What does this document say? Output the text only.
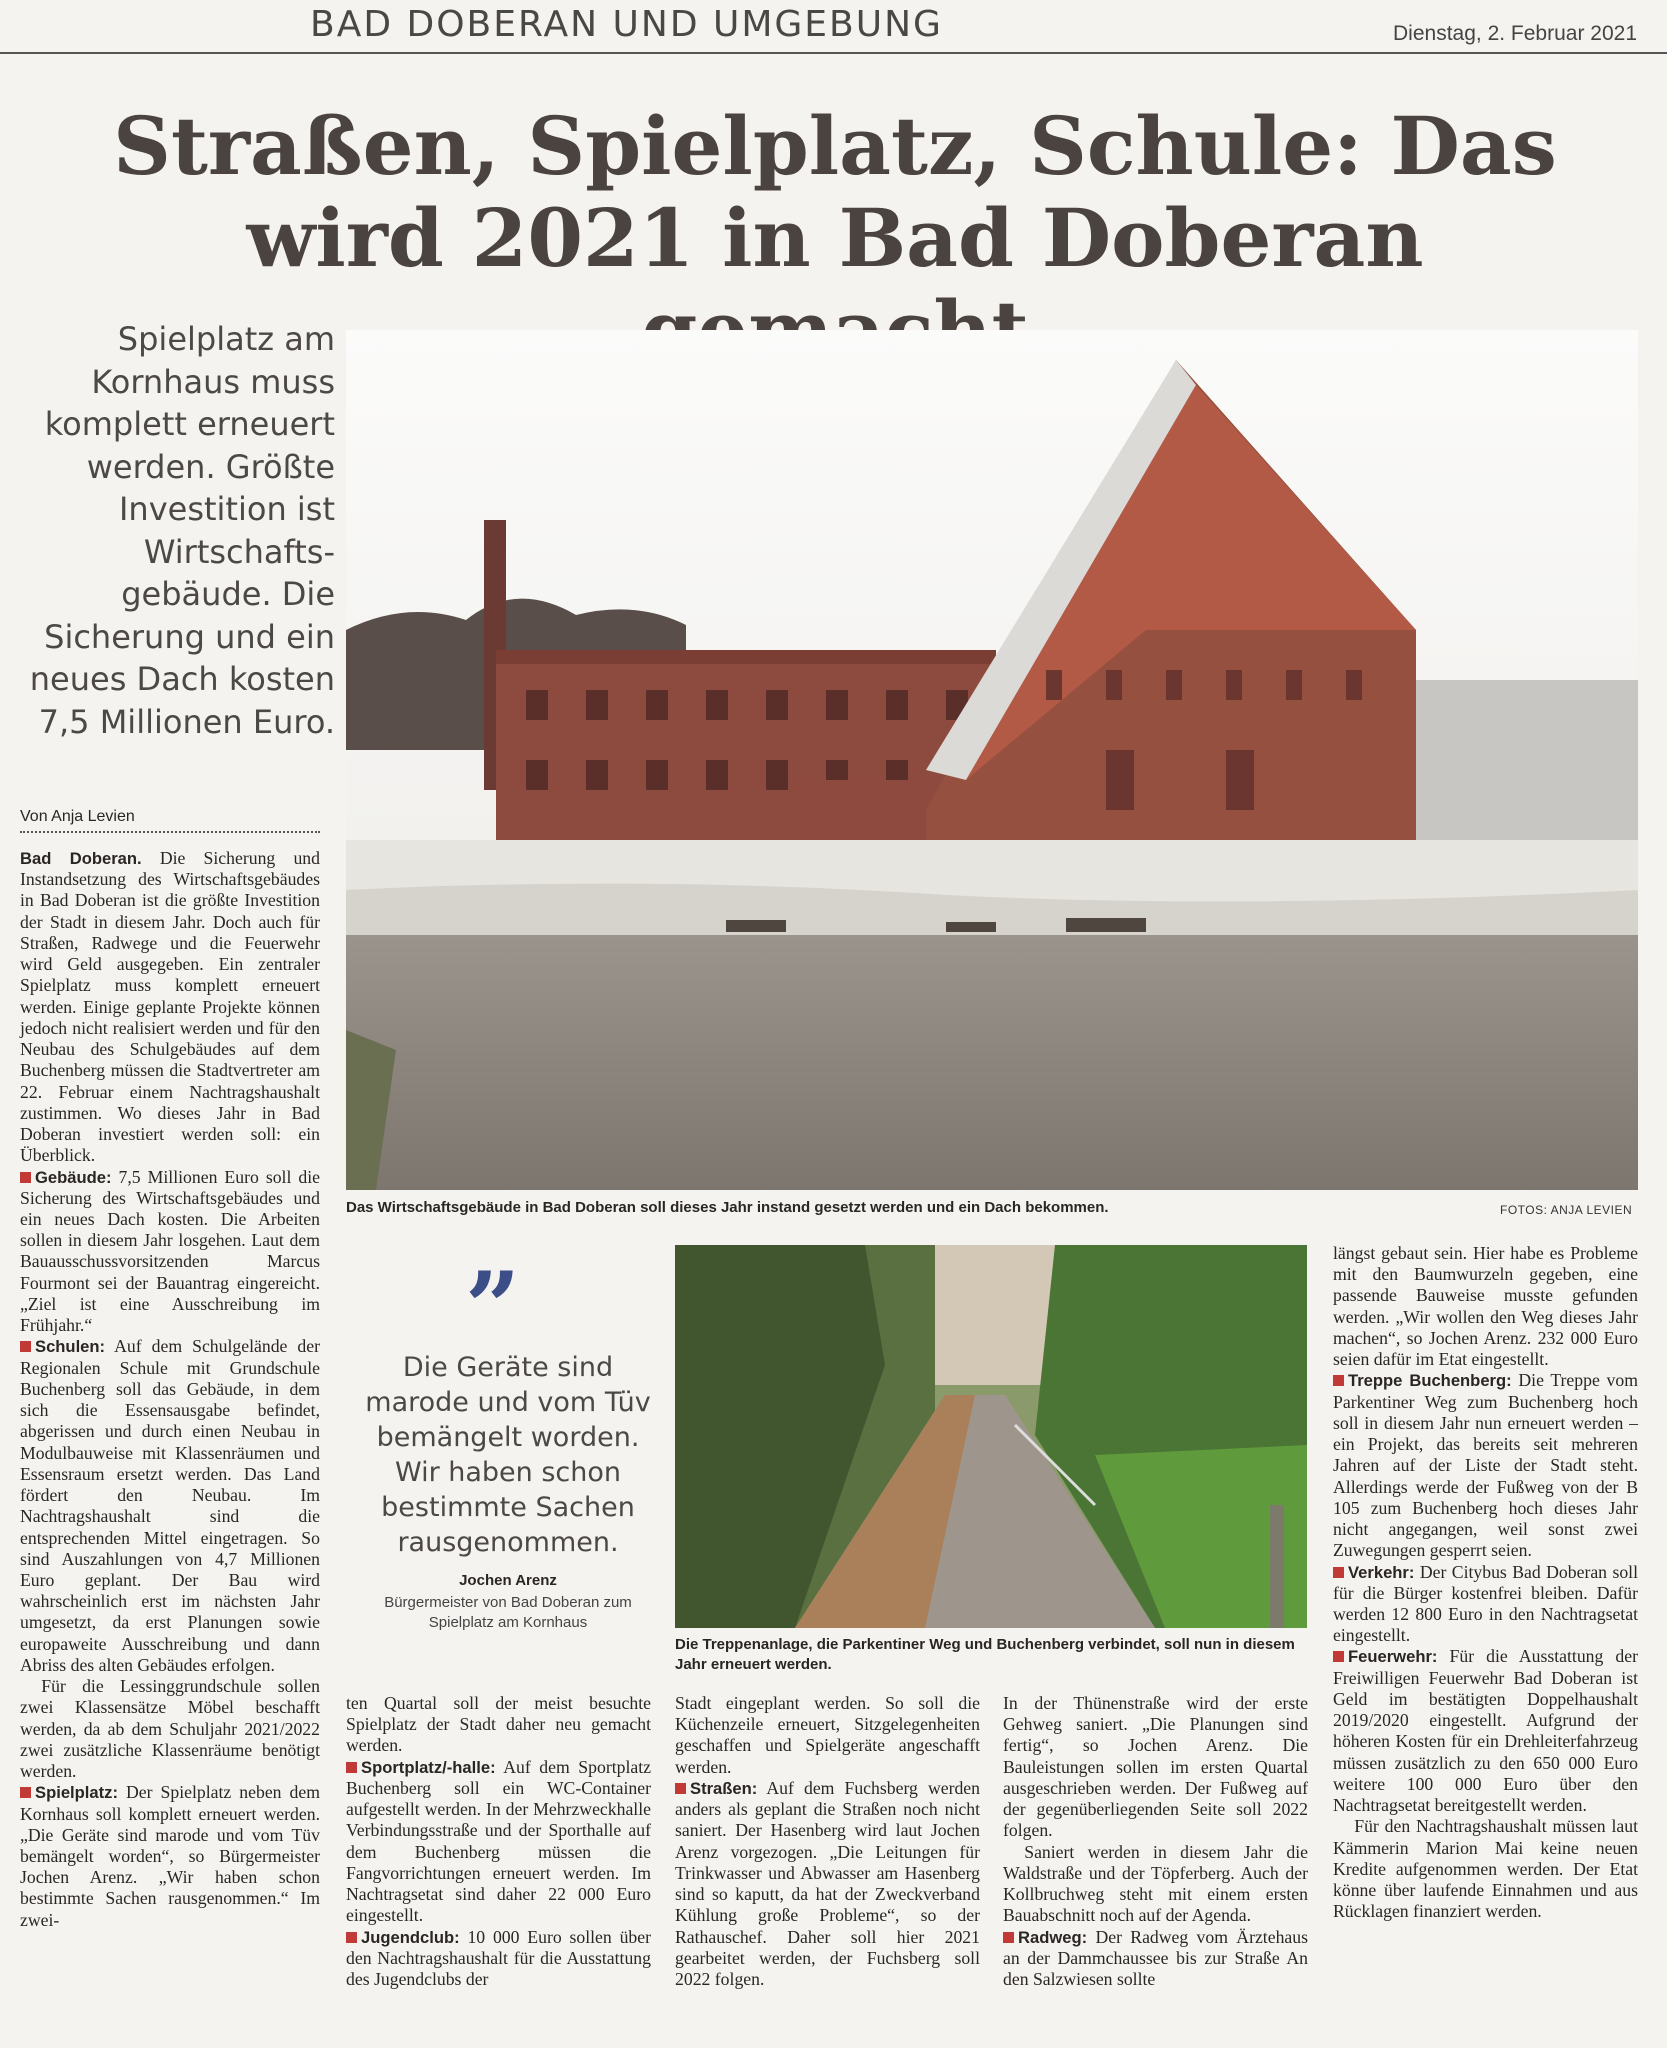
BAD DOBERAN UND UMGEBUNG	Dienstag, 2. Februar 2021
Straßen, Spielplatz, Schule: Das wird 2021 in Bad Doberan
Spielplatz am Kornhaus muss komplett erneuert werden. Größte Investition ist Wirtschafts-gebäude. Die Sicherung und ein neues Dach kosten 7,5 Millionen Euro.
Von Anja Levien
Das Wirtschaftsgebäude in Bad Doberan soll dieses Jahr instand gesetzt werden und ein Dach bekommen.	FOTOS: ANJA LEVIEN
Die Treppenanlage, die Parkentiner Weg und Buchenberg verbindet, soll nun in diesem Jahr erneuert werden.
”
Die Geräte sind marode und vom Tüv bemängelt worden. Wir haben schon bestimmte Sachen rausgenommen.
Jochen Arenz
Bürgermeister von Bad Doberan zum Spielplatz am Kornhaus

Bad Doberan. Die Sicherung und Instandsetzung des Wirtschaftsgebäudes in Bad Doberan ist die größte Investition der Stadt in diesem Jahr. Doch auch für Straßen, Radwege und die Feuerwehr wird Geld ausgegeben. Ein zentraler Spielplatz muss komplett erneuert werden. Einige geplante Projekte können jedoch nicht realisiert werden und für den Neubau des Schulgebäudes auf dem Buchenberg müssen die Stadtvertreter am 22. Februar einem Nachtragshaushalt zustimmen. Wo dieses Jahr in Bad Doberan investiert werden soll: ein Überblick.

Gebäude: 7,5 Millionen Euro soll die Sicherung des Wirtschaftsgebäudes und ein neues Dach kosten. Die Arbeiten sollen in diesem Jahr losgehen. Laut dem Bauausschussvorsitzenden Marcus Fourmont sei der Bauantrag eingereicht. „Ziel ist eine Ausschreibung im Frühjahr.“

Schulen: Auf dem Schulgelände der Regionalen Schule mit Grundschule Buchenberg soll das Gebäude, in dem sich die Essensausgabe befindet, abgerissen und durch einen Neubau in Modulbauweise mit Klassenräumen und Essensraum ersetzt werden. Das Land fördert den Neubau. Im Nachtragshaushalt sind die entsprechenden Mittel eingetragen. So sind Auszahlungen von 4,7 Millionen Euro geplant. Der Bau wird wahrscheinlich erst im nächsten Jahr umgesetzt, da erst Planungen sowie europaweite Ausschreibung und dann Abriss des alten Gebäudes erfolgen.

Für die Lessinggrundschule sollen zwei Klassensätze Möbel beschafft werden, da ab dem Schuljahr 2021/2022 zwei zusätzliche Klassenräume benötigt werden.

Spielplatz: Der Spielplatz neben dem Kornhaus soll komplett erneuert werden. „Die Geräte sind marode und vom Tüv bemängelt worden“, so Bürgermeister Jochen Arenz. „Wir haben schon bestimmte Sachen rausgenommen.“ Im zwei-

ten Quartal soll der meist besuchte Spielplatz der Stadt daher neu gemacht werden.

Sportplatz/-halle: Auf dem Sportplatz Buchenberg soll ein WC-Container aufgestellt werden. In der Mehrzweckhalle Verbindungsstraße und der Sporthalle auf dem Buchenberg müssen die Fangvorrichtungen erneuert werden. Im Nachtragsetat sind daher 22 000 Euro eingestellt.

Jugendclub: 10 000 Euro sollen über den Nachtragshaushalt für die Ausstattung des Jugendclubs der

Stadt eingeplant werden. So soll die Küchenzeile erneuert, Sitzgelegenheiten geschaffen und Spielgeräte angeschafft werden.

Straßen: Auf dem Fuchsberg werden anders als geplant die Straßen noch nicht saniert. Der Hasenberg wird laut Jochen Arenz vorgezogen. „Die Leitungen für Trinkwasser und Abwasser am Hasenberg sind so kaputt, da hat der Zweckverband Kühlung große Probleme“, so der Rathauschef. Daher soll hier 2021 gearbeitet werden, der Fuchsberg soll 2022 folgen.

In der Thünenstraße wird der erste Gehweg saniert. „Die Planungen sind fertig“, so Jochen Arenz. Die Bauleistungen sollen im ersten Quartal ausgeschrieben werden. Der Fußweg auf der gegenüberliegenden Seite soll 2022 folgen.

Saniert werden in diesem Jahr die Waldstraße und der Töpferberg. Auch der Kollbruchweg steht mit einem ersten Bauabschnitt noch auf der Agenda.

Radweg: Der Radweg vom Ärztehaus an der Dammchaussee bis zur Straße An den Salzwiesen sollte

längst gebaut sein. Hier habe es Probleme mit den Baumwurzeln gegeben, eine passende Bauweise musste gefunden werden. „Wir wollen den Weg dieses Jahr machen“, so Jochen Arenz. 232 000 Euro seien dafür im Etat eingestellt.

Treppe Buchenberg: Die Treppe vom Parkentiner Weg zum Buchenberg hoch soll in diesem Jahr nun erneuert werden – ein Projekt, das bereits seit mehreren Jahren auf der Liste der Stadt steht. Allerdings werde der Fußweg von der B 105 zum Buchenberg hoch dieses Jahr nicht angegangen, weil sonst zwei Zuwegungen gesperrt seien.

Verkehr: Der Citybus Bad Doberan soll für die Bürger kostenfrei bleiben. Dafür werden 12 800 Euro in den Nachtragsetat eingestellt.

Feuerwehr: Für die Ausstattung der Freiwilligen Feuerwehr Bad Doberan ist Geld im bestätigten Doppelhaushalt 2019/2020 eingestellt. Aufgrund der höheren Kosten für ein Drehleiterfahrzeug müssen zusätzlich zu den 650 000 Euro weitere 100 000 Euro über den Nachtragsetat bereitgestellt werden.

Für den Nachtragshaushalt müssen laut Kämmerin Marion Mai keine neuen Kredite aufgenommen werden. Der Etat könne über laufende Einnahmen und aus Rücklagen finanziert werden.
